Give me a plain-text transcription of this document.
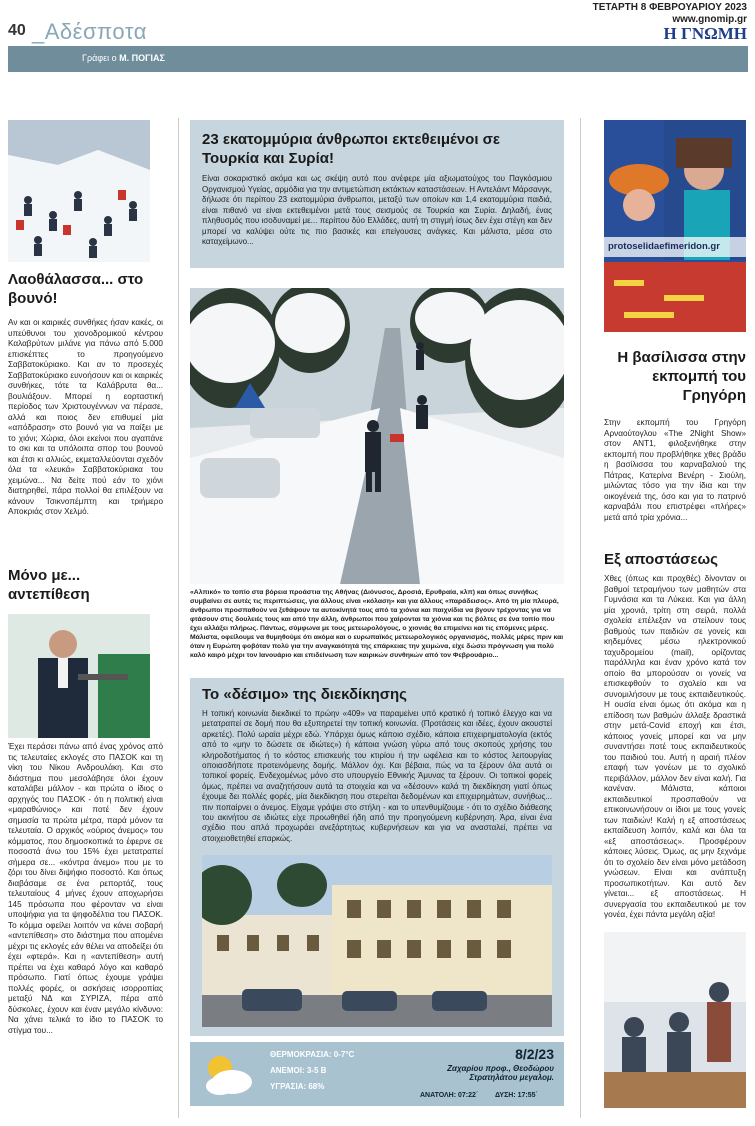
40 _Αδέσποτα
ΤΕΤΑΡΤΗ 8 ΦΕΒΡΟΥΑΡΙΟΥ 2023
www.gnomip.gr
Η ΓΝΩΜΗ
Γράφει ο Μ. ΠΟΓΙΑΣ
Λαοθάλασσα... στο βουνό!
Αν και οι καιρικές συνθήκες ήσαν κακές, οι υπεύθυνοι του χιονοδρομικού κέντρου Καλαβρύτων μιλάνε για πάνω από 5.000 επισκέπτες το προηγούμενο Σαββατοκύριακο. Και αν το προσεχές Σαββατοκύριακο ευνοήσουν και οι καιρικές συνθήκες, τότε τα Καλάβρυτα θα... βουλιάξουν. Μπορεί η εορταστική περίοδος των Χριστουγέννων να πέρασε, αλλά και ποιος δεν επιθυμεί μία «απόδραση» στο βουνό για να παίξει με το χιόνι; Χώρια, όλοι εκείνοι που αγαπάνε το σκι και τα υπόλοιπα σπορ του βουνού και έτσι κι αλλιώς, εκμεταλλεύονται σχεδόν όλα τα «λευκά» Σαββατοκύριακα του χειμώνα... Να δείτε πού εάν το χιόνι διατηρηθεί, πάρα πολλοί θα επιλέξουν να κάνουν Τσικνοπέμπτη και τριήμερο Αποκριάς στον Χελμό.
Μόνο με... αντεπίθεση
Έχει περάσει πάνω από ένας χρόνος από τις τελευταίες εκλογές στο ΠΑΣΟΚ και τη νίκη του Νίκου Ανδρουλάκη. Και στο διάστημα που μεσολάβησε όλοι έχουν καταλάβει μάλλον - και πρώτα ο ίδιος ο αρχηγός του ΠΑΣΟΚ - ότι η πολιτική είναι «μαραθώνιος» και ποτέ δεν έχουν σημασία τα πρώτα μέτρα, παρά μόνον τα τελευταία. Ο αρχικός «ούριος άνεμος» του κόμματος, που δημοσκοπικά το έφερνε σε ποσοστά άνω του 15% έχει μετατραπεί σήμερα σε... «κόντρα άνεμο» που με το ζόρι του δίνει διψήφιο ποσοστό. Και όπως διαβάσαμε σε ένα ρεπορτάζ, τους τελευταίους 4 μήνες έχουν αποχωρήσει 145 πρόσωπα που φέρονταν να είναι υποψήφια για τα ψηφοδέλτια του ΠΑΣΟΚ. Το κόμμα οφείλει λοιπόν να κάνει σοβαρή «αντεπίθεση» στο διάστημα που απομένει μέχρι τις εκλογές εάν θέλει να αποδείξει ότι έχει «φτερά». Και η «αντεπίθεση» αυτή πρέπει να έχει καθαρό λόγο και καθαρό πρόσωπο. Γιατί όπως έχουμε γράψει πολλές φορές, οι ασκήσεις ισορροπίας μεταξύ ΝΔ και ΣΥΡΙΖΑ, πέρα από δύσκολες, έχουν και έναν μεγάλο κίνδυνο: Να χάνει τελικά το ίδιο το ΠΑΣΟΚ το στίγμα του...
23 εκατομμύρια άνθρωποι εκτεθειμένοι σε Τουρκία και Συρία!

Είναι σοκαριστικό ακόμα και ως σκέψη αυτό που ανέφερε μία αξιωματούχος του Παγκόσμιου Οργανισμού Υγείας, αρμόδια για την αντιμετώπιση εκτάκτων καταστάσεων. Η Αντελάιντ Μάρσανγκ, δήλωσε ότι περίπου 23 εκατομμύρια άνθρωποι, μεταξύ των οποίων και 1,4 εκατομμύρια παιδιά, είναι πιθανό να είναι εκτεθειμένοι μετά τους σεισμούς σε Τουρκία και Συρία. Δηλαδή, ένας πληθυσμός που ισοδυναμεί με... περίπου δύο Ελλάδες, αυτή τη στιγμή ίσως δεν έχει στέγη και δεν μπορεί να καλύψει ούτε τις πιο βασικές και επείγουσες ανάγκες. Και μάλιστα, μέσα στο καταχείμωνο...

«Αλπικό» το τοπίο στα βόρεια προάστια της Αθήνας (Διόνυσος, Δροσιά, Ερυθραία, κλπ) και όπως συνήθως συμβαίνει σε αυτές τις περιπτώσεις, για άλλους είναι «κόλαση» και για άλλους «παράδεισος». Από τη μία πλευρά, άνθρωποι προσπαθούν να ξεθάψουν τα αυτοκίνητά τους από τα χιόνια και παιχνίδια να βγουν τρέχοντας για να φτάσουν στις δουλειές τους και από την άλλη, άνθρωποι που χαίρονται τα χιόνια και τις βόλτες σε ένα τοπίο που έχει αλλάξει πλήρως. Πάντως, σύμφωνα με τους μετεωρολόγους, ο χιονιάς θα επιμείνει και τις επόμενες μέρες. Μάλιστα, οφείλουμε να θυμηθούμε ότι ακόμα και ο ευρωπαϊκός μετεωρολογικός οργανισμός, πολλές μέρες πριν και όταν η Ευρώπη φοβόταν πολύ για την αναγκαιότητά της επάρκειας την χειμώνα, είχε δώσει πρόγνωση για πολύ καλό καιρό μέχρι τον Ιανουάριο και επιδείνωση των καιρικών συνθηκών από τον Φεβρουάριο...
Το «δέσιμο» της διεκδίκησης

Η τοπική κοινωνία διεκδικεί το πρώην «409» να παραμείνει υπό κρατικό ή τοπικό έλεγχο και να μετατραπεί σε δομή που θα εξυπηρετεί την τοπική κοινωνία. (Προτάσεις και ιδέες, έχουν ακουστεί αρκετές). Πολύ ωραία μέχρι εδώ. Υπάρχει όμως κάποιο σχέδιο, κάποια επιχειρηματολογία (εκτός από το «μην το δώσετε σε ιδιώτες») ή κάποια γνώση γύρω από τους σκοπούς χρήσης του κληροδοτήματος ή το κόστος επισκευής του κτιρίου ή την ωφέλεια και το κόστος λειτουργίας οποιασδήποτε προτεινόμενης δομής. Μάλλον όχι. Και βέβαια, πώς να τα ξέρουν όλα αυτά οι τοπικοί φορείς. Ενδεχομένως μόνο στο υπουργείο Εθνικής Άμυνας τα ξέρουν. Οι τοπικοί φορείς όμως, πρέπει να αναζητήσουν αυτά τα στοιχεία και να «δέσουν» καλά τη διεκδίκηση γιατί όπως έχουμε δει πολλές φορές, μία διεκδίκηση που στερείται δεδομένων και επιχειρημάτων, συνήθως... πιν ποπαίρνει ο άνεμος. Είχαμε γράψει στο στήλη - και το υπενθυμίζουμε - ότι το σχέδιο διάθεσης του ακινήτου σε ιδιώτες είχε προωθηθεί ήδη από την προηγούμενη κυβέρνηση. Άρα, είναι ένα σχέδιο που απλά προχωράει ανεξάρτητως κυβερνήσεων και για να ανασταλεί, πρέπει να στοιχειοθετηθεί επαρκώς.

ΘΕΡΜΟΚΡΑΣΙΑ: 0-7°C
ΑΝΕΜΟΙ: 3-5 Β
ΥΓΡΑΣΙΑ: 68%
8/2/23
Ζαχαρίου προφ., Θεοδώρου Στρατηλάτου μεγαλομ.
ΑΝΑΤΟΛΗ: 07:22΄ ΔΥΣΗ: 17:55΄
protoselidaefimeridon.gr
Η βασίλισσα στην εκπομπή του Γρηγόρη
Στην εκπομπή του Γρηγόρη Αρναούτογλου «The 2Night Show» στον ΑΝΤ1, φιλοξενήθηκε στην εκπομπή που προβλήθηκε χθες βράδυ η βασίλισσα του καρναβαλιού της Πάτρας, Κατερίνα Βενέρη - Σιούλη, μιλώντας τόσο για την ίδια και την οικογένειά της, όσο και για το πατρινό καρναβάλι που επιστρέφει «πλήρες» μετά από τρία χρόνια...
Εξ αποστάσεως
Χθες (όπως και προχθές) δίνονταν οι βαθμοί τετραμήνου των μαθητών στα Γυμνάσια και τα Λύκεια. Και για άλλη μία χρονιά, τρίτη στη σειρά, πολλά σχολεία επέλεξαν να στείλουν τους βαθμούς των παιδιών σε γονείς και κηδεμόνες μέσω ηλεκτρονικού ταχυδρομείου (mail), ορίζοντας παράλληλα και έναν χρόνο κατά τον οποίο θα μπορούσαν οι γονείς να επισκεφθούν το σχολείο και να συνομιλήσουν με τους εκπαιδευτικούς. Η ουσία είναι όμως ότι ακόμα και η επίδοση των βαθμών άλλαξε δραστικά στην μετά-Covid εποχή και έτσι, κάποιος γονείς μπορεί και να μην συναντήσει ποτέ τους εκπαιδευτικούς του παιδιού του. Αυτή η αραιή πλέον επαφή των γονέων με το σχολικό περιβάλλον, μάλλον δεν είναι καλή. Για κανέναν. Μάλιστα, κάποιοι εκπαιδευτικοί προσπαθούν να επικοινωνήσουν οι ίδιοι με τους γονείς των παιδιών! Καλή η εξ αποστάσεως εκπαίδευση λοιπόν, καλά και όλα τα «εξ αποστάσεως». Προσφέρουν κάποιες λύσεις. Όμως, ας μην ξεχνάμε ότι το σχολείο δεν είναι μόνο μετάδοση γνώσεων. Είναι και ανάπτυξη προσωπικοτήτων. Και αυτό δεν γίνεται... εξ αποστάσεως. Η συνεργασία του εκπαιδευτικού με τον γονέα, έχει πάντα μεγάλη αξία!
